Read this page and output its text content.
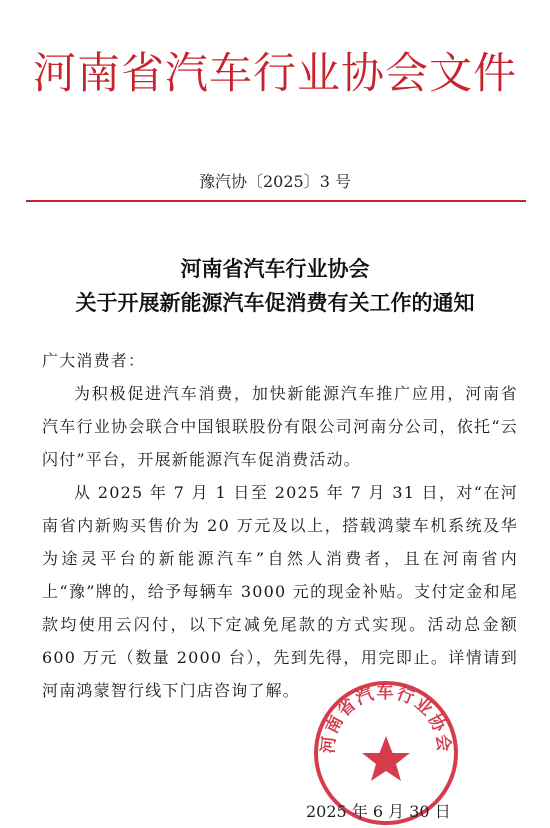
河南省汽车行业协会文件
豫汽协〔2025〕3 号
河南省汽车行业协会
关于开展新能源汽车促消费有关工作的通知

广大消费者：

为积极促进汽车消费，加快新能源汽车推广应用，河南省汽车行业协会联合中国银联股份有限公司河南分公司，依托“云闪付”平台，开展新能源汽车促消费活动。

从 2025 年 7 月 1 日至 2025 年 7 月 31 日，对“在河南省内新购买售价为 20 万元及以上，搭载鸿蒙车机系统及华为途灵平台的新能源汽车”自然人消费者，且在河南省内上“豫”牌的，给予每辆车 3000 元的现金补贴。支付定金和尾款均使用云闪付，以下定减免尾款的方式实现。活动总金额 600 万元（数量 2000 台），先到先得，用完即止。详情请到河南鸿蒙智行线下门店咨询了解。

河南省汽车行业协会
2025 年 6 月 30 日
